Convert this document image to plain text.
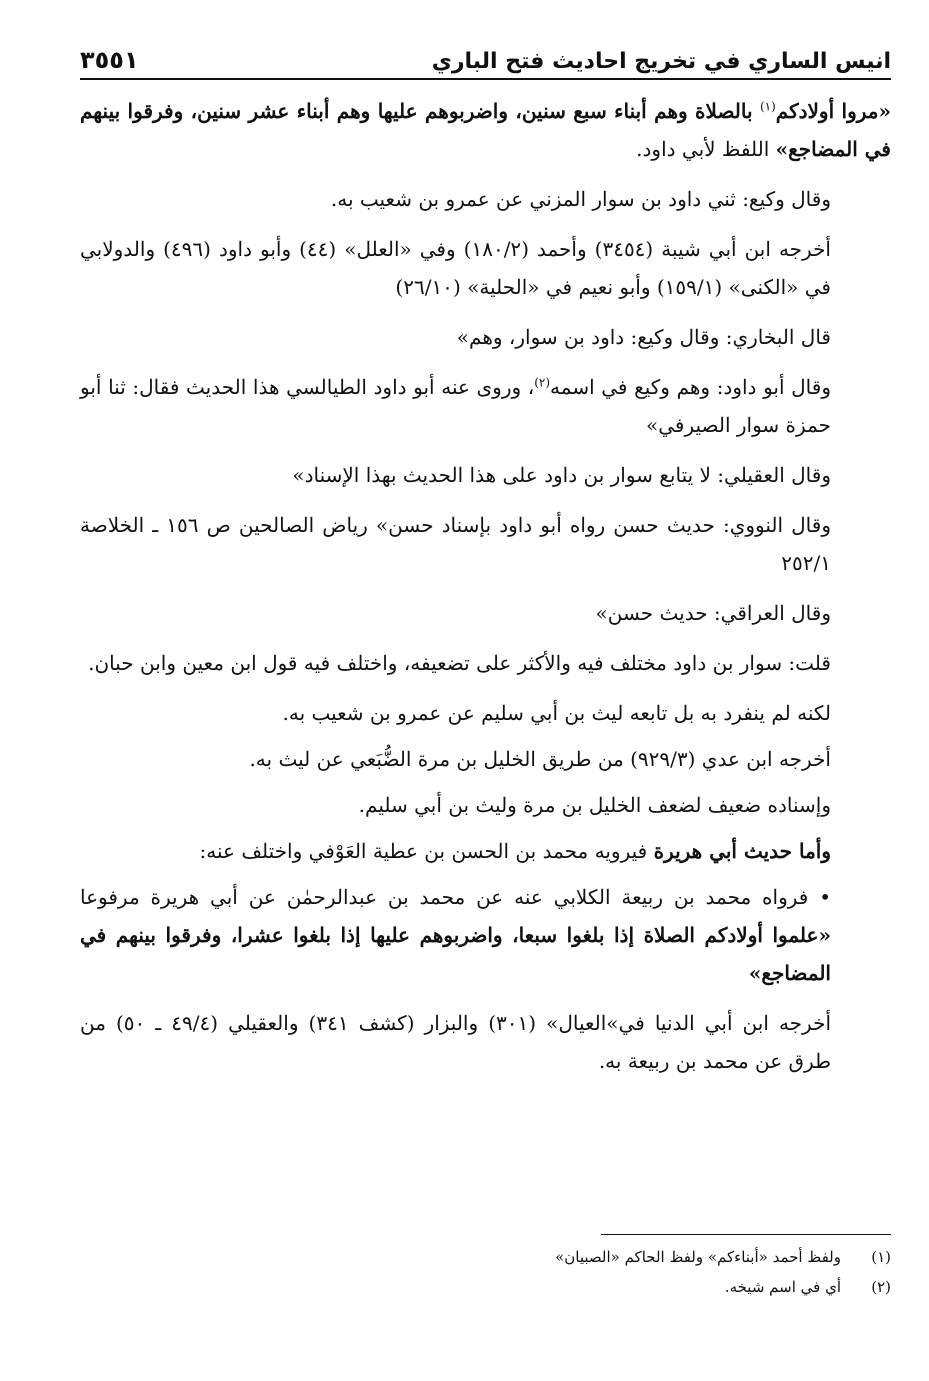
انيس الساري في تخريج احاديث فتح الباري
٣٥٥١

«مروا أولادكم$^{(١)}$ بالصلاة وهم أبناء سبع سنين، واضربوهم عليها وهم أبناء عشر سنين، وفرقوا بينهم في المضاجع» اللفظ لأبي داود.

وقال وكيع: ثني داود بن سوار المزني عن عمرو بن شعيب به.

أخرجه ابن أبي شيبة (٣٤٥٤) وأحمد (١٨٠/٢) وفي «العلل» (٤٤) وأبو داود (٤٩٦) والدولابي في «الكنى» (١٥٩/١) وأبو نعيم في «الحلية» (٢٦/١٠)

قال البخاري: وقال وكيع: داود بن سوار، وهم»

وقال أبو داود: وهم وكيع في اسمه$^{(٢)}$، وروى عنه أبو داود الطيالسي هذا الحديث فقال: ثنا أبو حمزة سوار الصيرفي»

وقال العقيلي: لا يتابع سوار بن داود على هذا الحديث بهذا الإسناد»

وقال النووي: حديث حسن رواه أبو داود بإسناد حسن» رياض الصالحين ص ١٥٦ ـ الخلاصة ٢٥٢/١

وقال العراقي: حديث حسن»

قلت: سوار بن داود مختلف فيه والأكثر على تضعيفه، واختلف فيه قول ابن معين وابن حبان.

لكنه لم ينفرد به بل تابعه ليث بن أبي سليم عن عمرو بن شعيب به.

أخرجه ابن عدي (٩٢٩/٣) من طريق الخليل بن مرة الضُّبَعي عن ليث به.

وإسناده ضعيف لضعف الخليل بن مرة وليث بن أبي سليم.

وأما حديث أبي هريرة فيرويه محمد بن الحسن بن عطية العَوْفي واختلف عنه:

• فرواه محمد بن ربيعة الكلابي عنه عن محمد بن عبدالرحمٰن عن أبي هريرة مرفوعا «علموا أولادكم الصلاة إذا بلغوا سبعا، واضربوهم عليها إذا بلغوا عشرا، وفرقوا بينهم في المضاجع»

أخرجه ابن أبي الدنيا في»العيال» (٣٠١) والبزار (كشف ٣٤١) والعقيلي (٤٩/٤ ـ ٥٠) من طرق عن محمد بن ربيعة به.

(١)
ولفظ أحمد «أبناءكم» ولفظ الحاكم «الصبيان»
(٢)
أي في اسم شيخه.
